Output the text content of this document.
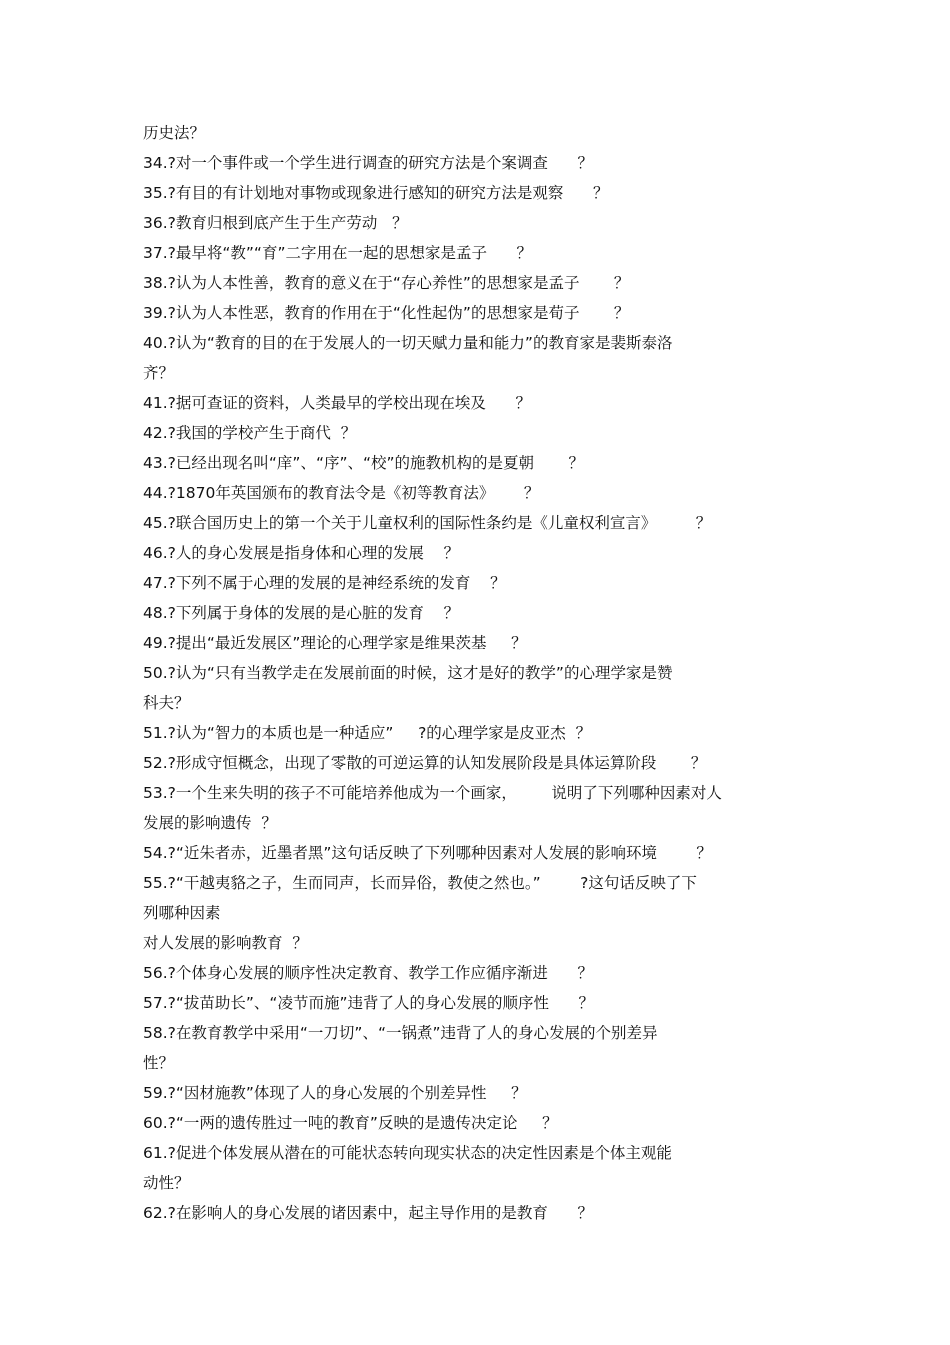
历史法？
34.?对一个事件或一个学生进行调查的研究方法是个案调查      ？
35.?有目的有计划地对事物或现象进行感知的研究方法是观察      ？
36.?教育归根到底产生于生产劳动   ？
37.?最早将“教”“育”二字用在一起的思想家是孟子      ？
38.?认为人本性善，教育的意义在于“存心养性”的思想家是孟子       ？
39.?认为人本性恶，教育的作用在于“化性起伪”的思想家是荀子       ？
40.?认为“教育的目的在于发展人的一切天赋力量和能力”的教育家是裴斯泰洛
齐？
41.?据可查证的资料，人类最早的学校出现在埃及      ？
42.?我国的学校产生于商代  ？
43.?已经出现名叫“庠”、“序”、“校”的施教机构的是夏朝       ？
44.?1870年英国颁布的教育法令是《初等教育法》      ？
45.?联合国历史上的第一个关于儿童权利的国际性条约是《儿童权利宣言》        ？
46.?人的身心发展是指身体和心理的发展    ？
47.?下列不属于心理的发展的是神经系统的发育    ？
48.?下列属于身体的发展的是心脏的发育    ？
49.?提出“最近发展区”理论的心理学家是维果茨基     ？
50.?认为“只有当教学走在发展前面的时候，这才是好的教学”的心理学家是赞
科夫？
51.?认为“智力的本质也是一种适应”     ?的心理学家是皮亚杰  ？
52.?形成守恒概念，出现了零散的可逆运算的认知发展阶段是具体运算阶段       ？
53.?一个生来失明的孩子不可能培养他成为一个画家，       说明了下列哪种因素对人
发展的影响遗传  ？
54.?“近朱者赤，近墨者黑”这句话反映了下列哪种因素对人发展的影响环境        ？
55.?“干越夷貉之子，生而同声，长而异俗，教使之然也。”        ?这句话反映了下
列哪种因素
对人发展的影响教育  ？
56.?个体身心发展的顺序性决定教育、教学工作应循序渐进      ？
57.?“拔苗助长”、“凌节而施”违背了人的身心发展的顺序性      ？
58.?在教育教学中采用“一刀切”、“一锅煮”违背了人的身心发展的个别差异
性？
59.?“因材施教”体现了人的身心发展的个别差异性     ？
60.?“一两的遗传胜过一吨的教育”反映的是遗传决定论     ？
61.?促进个体发展从潜在的可能状态转向现实状态的决定性因素是个体主观能
动性？
62.?在影响人的身心发展的诸因素中，起主导作用的是教育      ？
